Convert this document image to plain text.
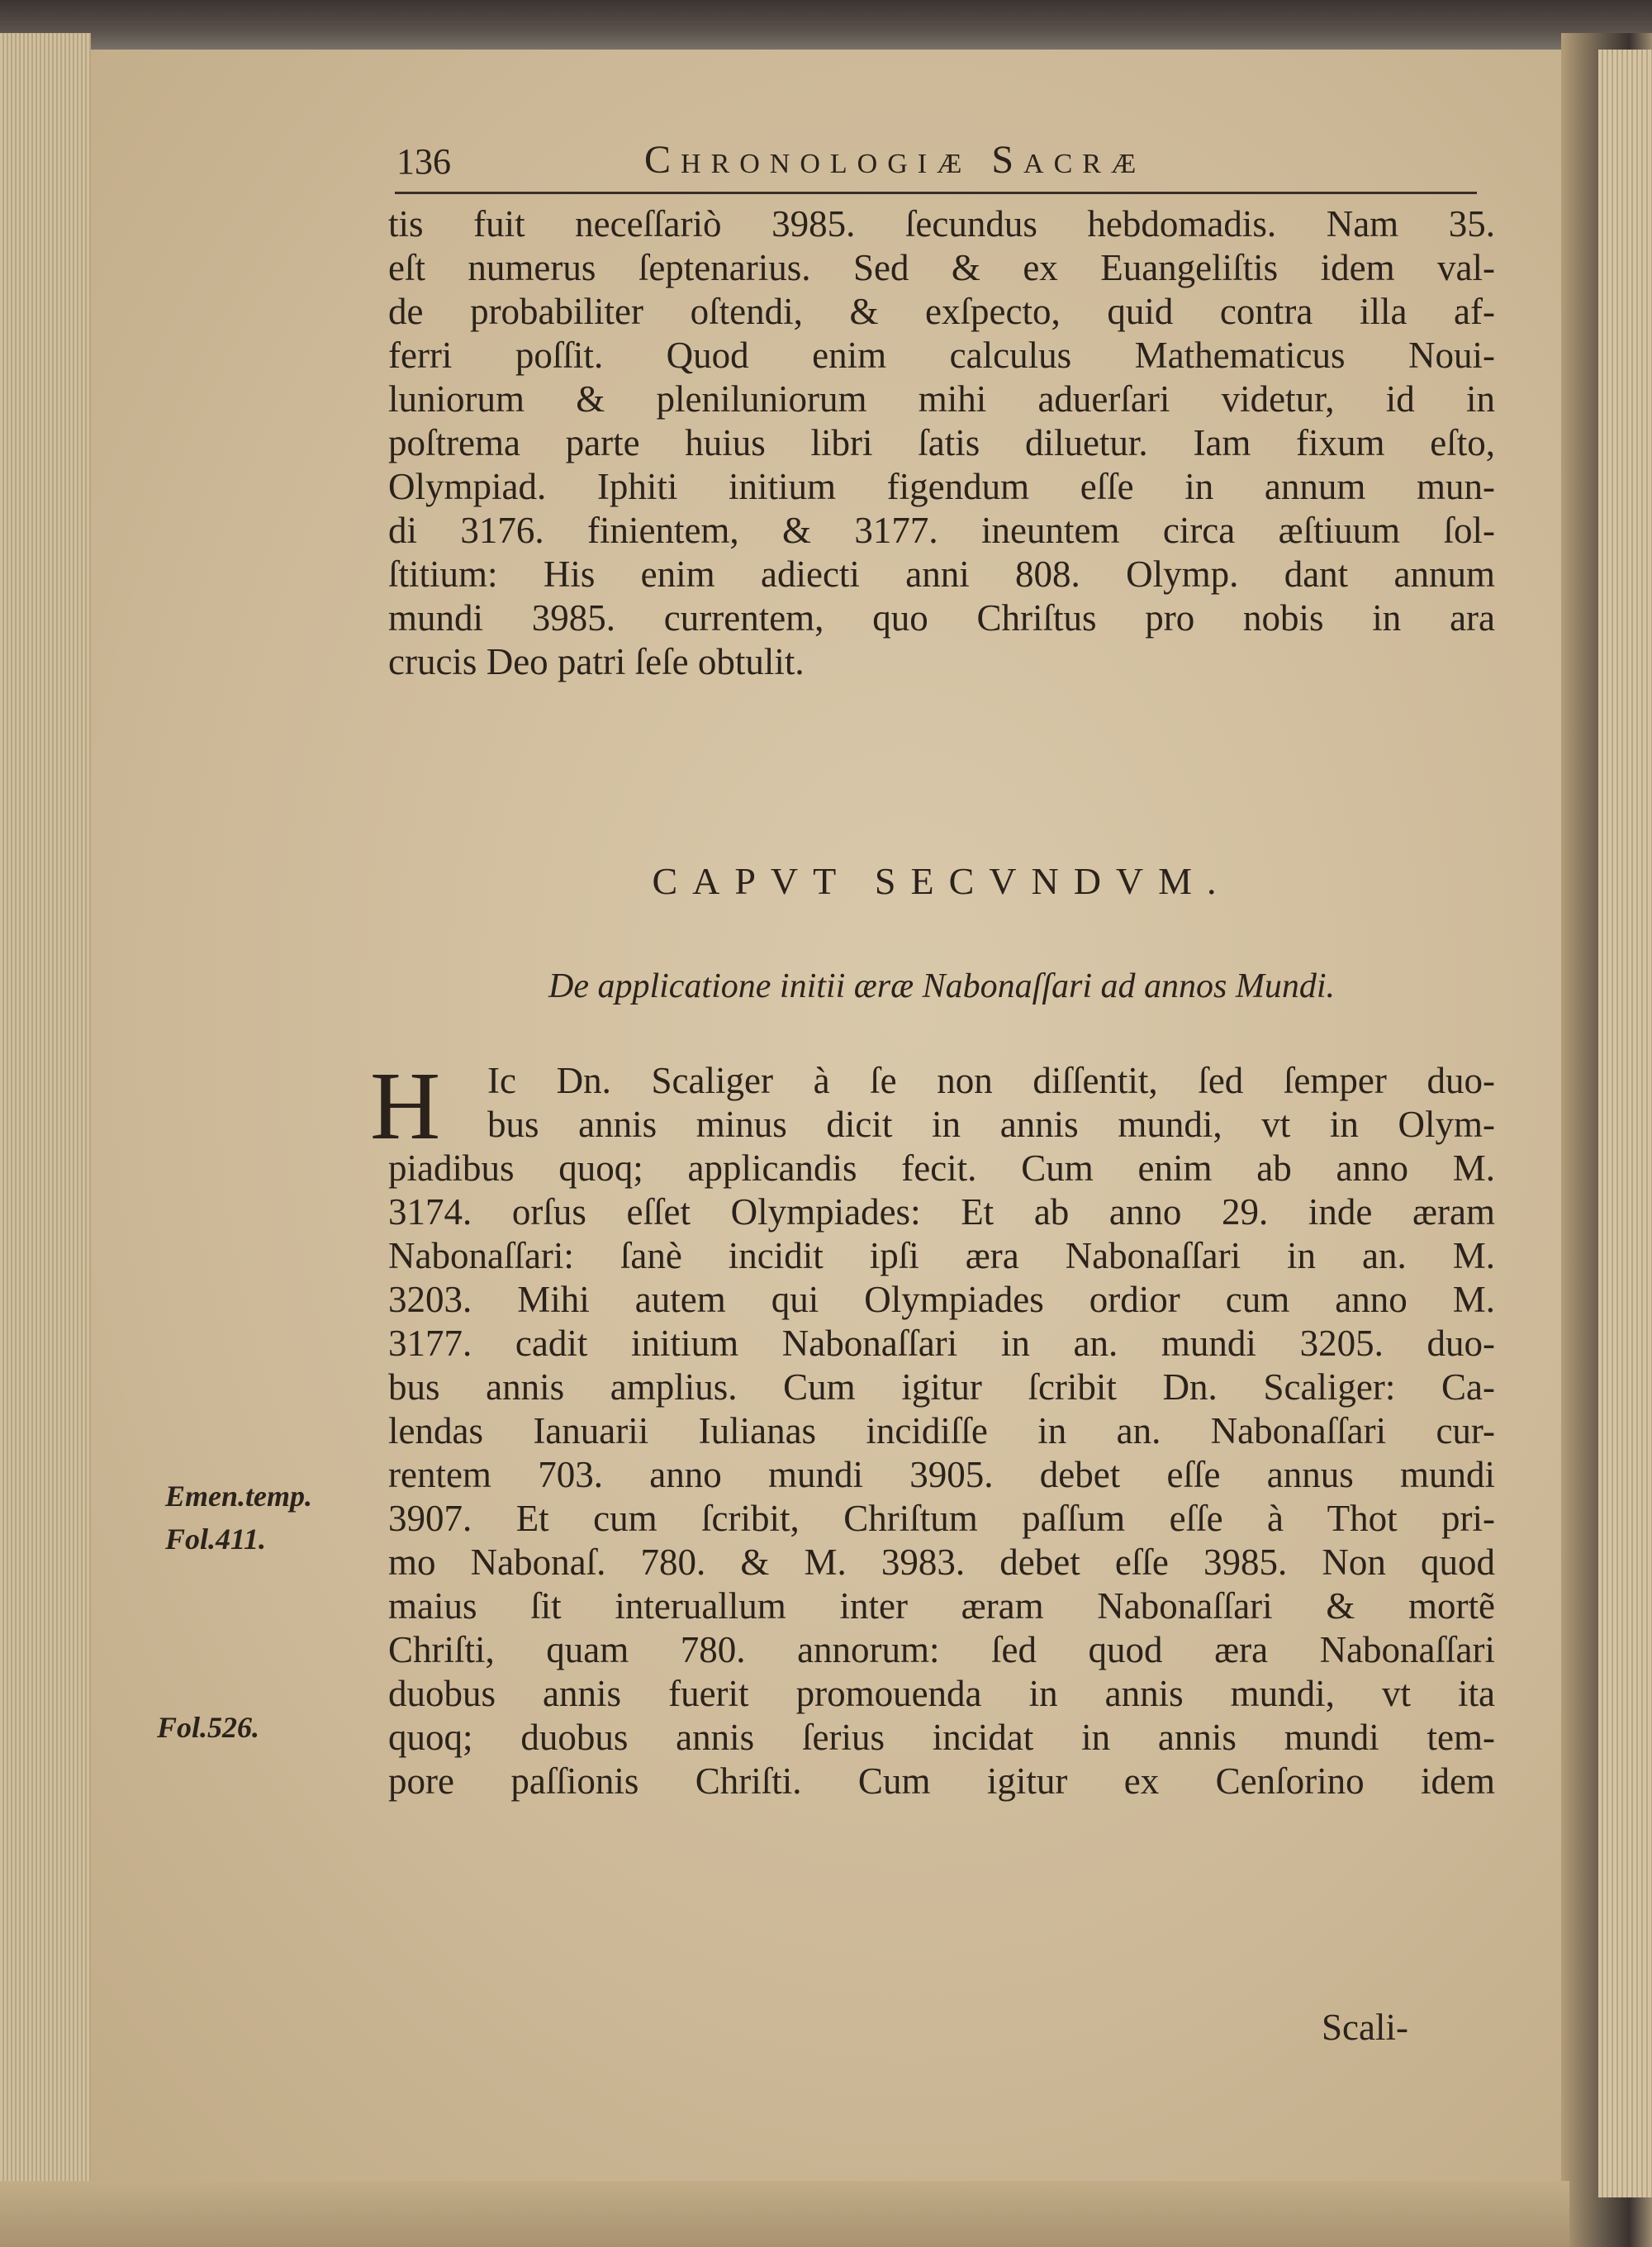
136	Chronologiæ Sacræ
tis fuit neceſſariò 3985. ſecundus hebdomadis. Nam 35.
eſt numerus ſeptenarius. Sed & ex Euangeliſtis idem val-
de probabiliter oſtendi, & exſpecto, quid contra illa af-
ferri poſſit. Quod enim calculus Mathematicus Noui-
luniorum & pleniluniorum mihi aduerſari videtur, id in
poſtrema parte huius libri ſatis diluetur. Iam fixum eſto,
Olympiad. Iphiti initium figendum eſſe in annum mun-
di 3176. finientem, & 3177. ineuntem circa æſtiuum ſol-
ſtitium: His enim adiecti anni 808. Olymp. dant annum
mundi 3985. currentem, quo Chriſtus pro nobis in ara
crucis Deo patri ſeſe obtulit.
CAPVT SECVNDVM.
De applicatione initii æræ Nabonaſſari ad annos Mundi.
H Ic Dn. Scaliger à ſe non diſſentit, ſed ſemper duo-
bus annis minus dicit in annis mundi, vt in Olym-
piadibus quoq; applicandis fecit. Cum enim ab anno M.
3174. orſus eſſet Olympiades: Et ab anno 29. inde æram
Nabonaſſari: ſanè incidit ipſi æra Nabonaſſari in an. M.
3203. Mihi autem qui Olympiades ordior cum anno M.
3177. cadit initium Nabonaſſari in an. mundi 3205. duo-
bus annis amplius. Cum igitur ſcribit Dn. Scaliger: Ca-
lendas Ianuarii Iulianas incidiſſe in an. Nabonaſſari cur-
rentem 703. anno mundi 3905. debet eſſe annus mundi
3907. Et cum ſcribit, Chriſtum paſſum eſſe à Thot pri-
mo Nabonaſ. 780. & M. 3983. debet eſſe 3985. Non quod
maius ſit interuallum inter æram Nabonaſſari & mortẽ
Chriſti, quam 780. annorum: ſed quod æra Nabonaſſari
duobus annis fuerit promouenda in annis mundi, vt ita
quoq; duobus annis ſerius incidat in annis mundi tem-
pore paſſionis Chriſti. Cum igitur ex Cenſorino idem
Scali-
Emen.temp.
Fol.411.
Fol.526.
